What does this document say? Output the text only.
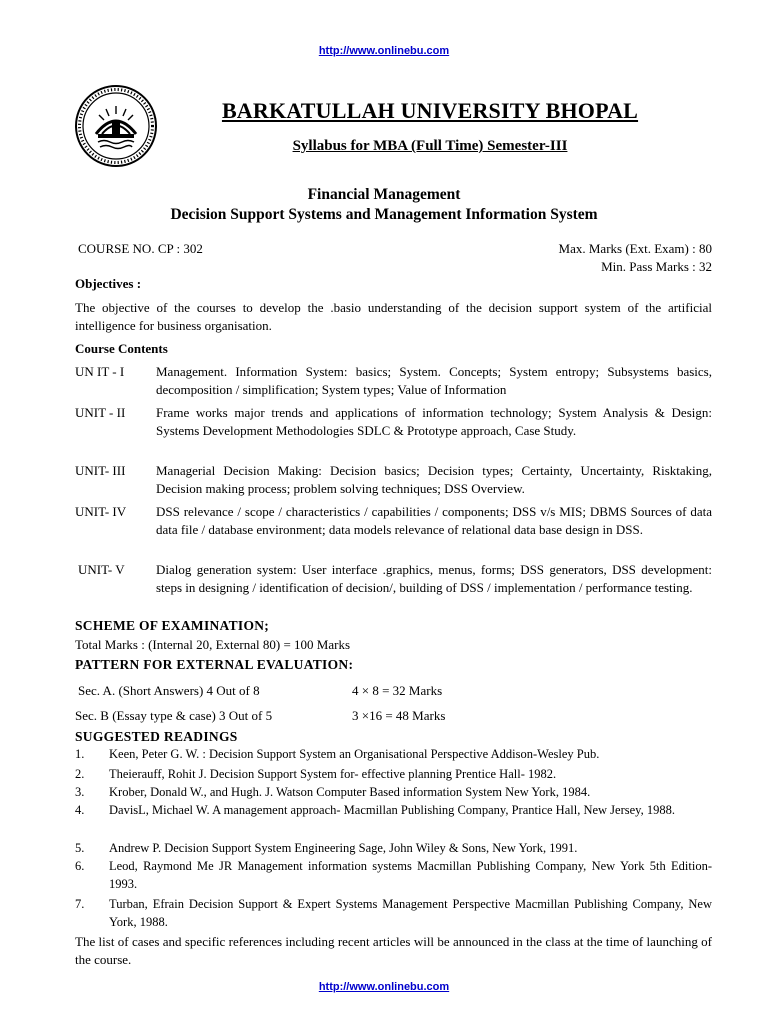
http://www.onlinebu.com
BARKATULLAH UNIVERSITY BHOPAL
Syllabus for MBA (Full Time) Semester-III
Financial Management
Decision Support Systems and Management Information System
COURSE NO. CP : 302	Max. Marks (Ext. Exam) : 80
Min. Pass Marks : 32
Objectives :
The objective of the courses to develop the .basio understanding of the decision support system of the artificial intelligence for business organisation.
Course Contents
UN IT - I	Management. Information System: basics; System. Concepts; System entropy; Subsystems basics, decomposition / simplification; System types; Value of Information
UNIT - II	Frame works major trends and applications of information technology; System Analysis & Design: Systems Development Methodologies SDLC & Prototype approach, Case Study.
UNIT- III	Managerial Decision Making: Decision basics; Decision types; Certainty, Uncertainty, Risktaking, Decision making process; problem solving techniques; DSS Overview.
UNIT- IV	DSS relevance / scope / characteristics / capabilities / components; DSS v/s MIS; DBMS Sources of data data file / database environment; data models relevance of relational data base design in DSS.
UNIT- V	Dialog generation system: User interface .graphics, menus, forms; DSS generators, DSS development: steps in designing / identification of decision/, building of DSS / implementation / performance testing.
SCHEME OF EXAMINATION;
Total Marks : (Internal 20, External 80) = 100 Marks
PATTERN FOR EXTERNAL EVALUATION:
Sec. A. (Short Answers) 4 Out of 8	4 × 8 = 32 Marks
Sec. B (Essay type & case) 3 Out of 5	3 ×16 = 48 Marks
SUGGESTED READINGS
1. Keen, Peter G. W. : Decision Support System an Organisational Perspective Addison-Wesley Pub.
2. Theierauff, Rohit J. Decision Support System for- effective planning Prentice Hall- 1982.
3. Krober, Donald W., and Hugh. J. Watson Computer Based information System New York, 1984.
4. DavisL, Michael W. A management approach- Macmillan Publishing Company, Prantice Hall, New Jersey, 1988.
5. Andrew P. Decision Support System Engineering Sage, John Wiley & Sons, New York, 1991.
6. Leod, Raymond Me JR Management information systems Macmillan Publishing Company, New York 5th Edition- 1993.
7. Turban, Efrain Decision Support & Expert Systems Management Perspective Macmillan Publishing Company, New York, 1988.
The list of cases and specific references including recent articles will be announced in the class at the time of launching of the course.
http://www.onlinebu.com
